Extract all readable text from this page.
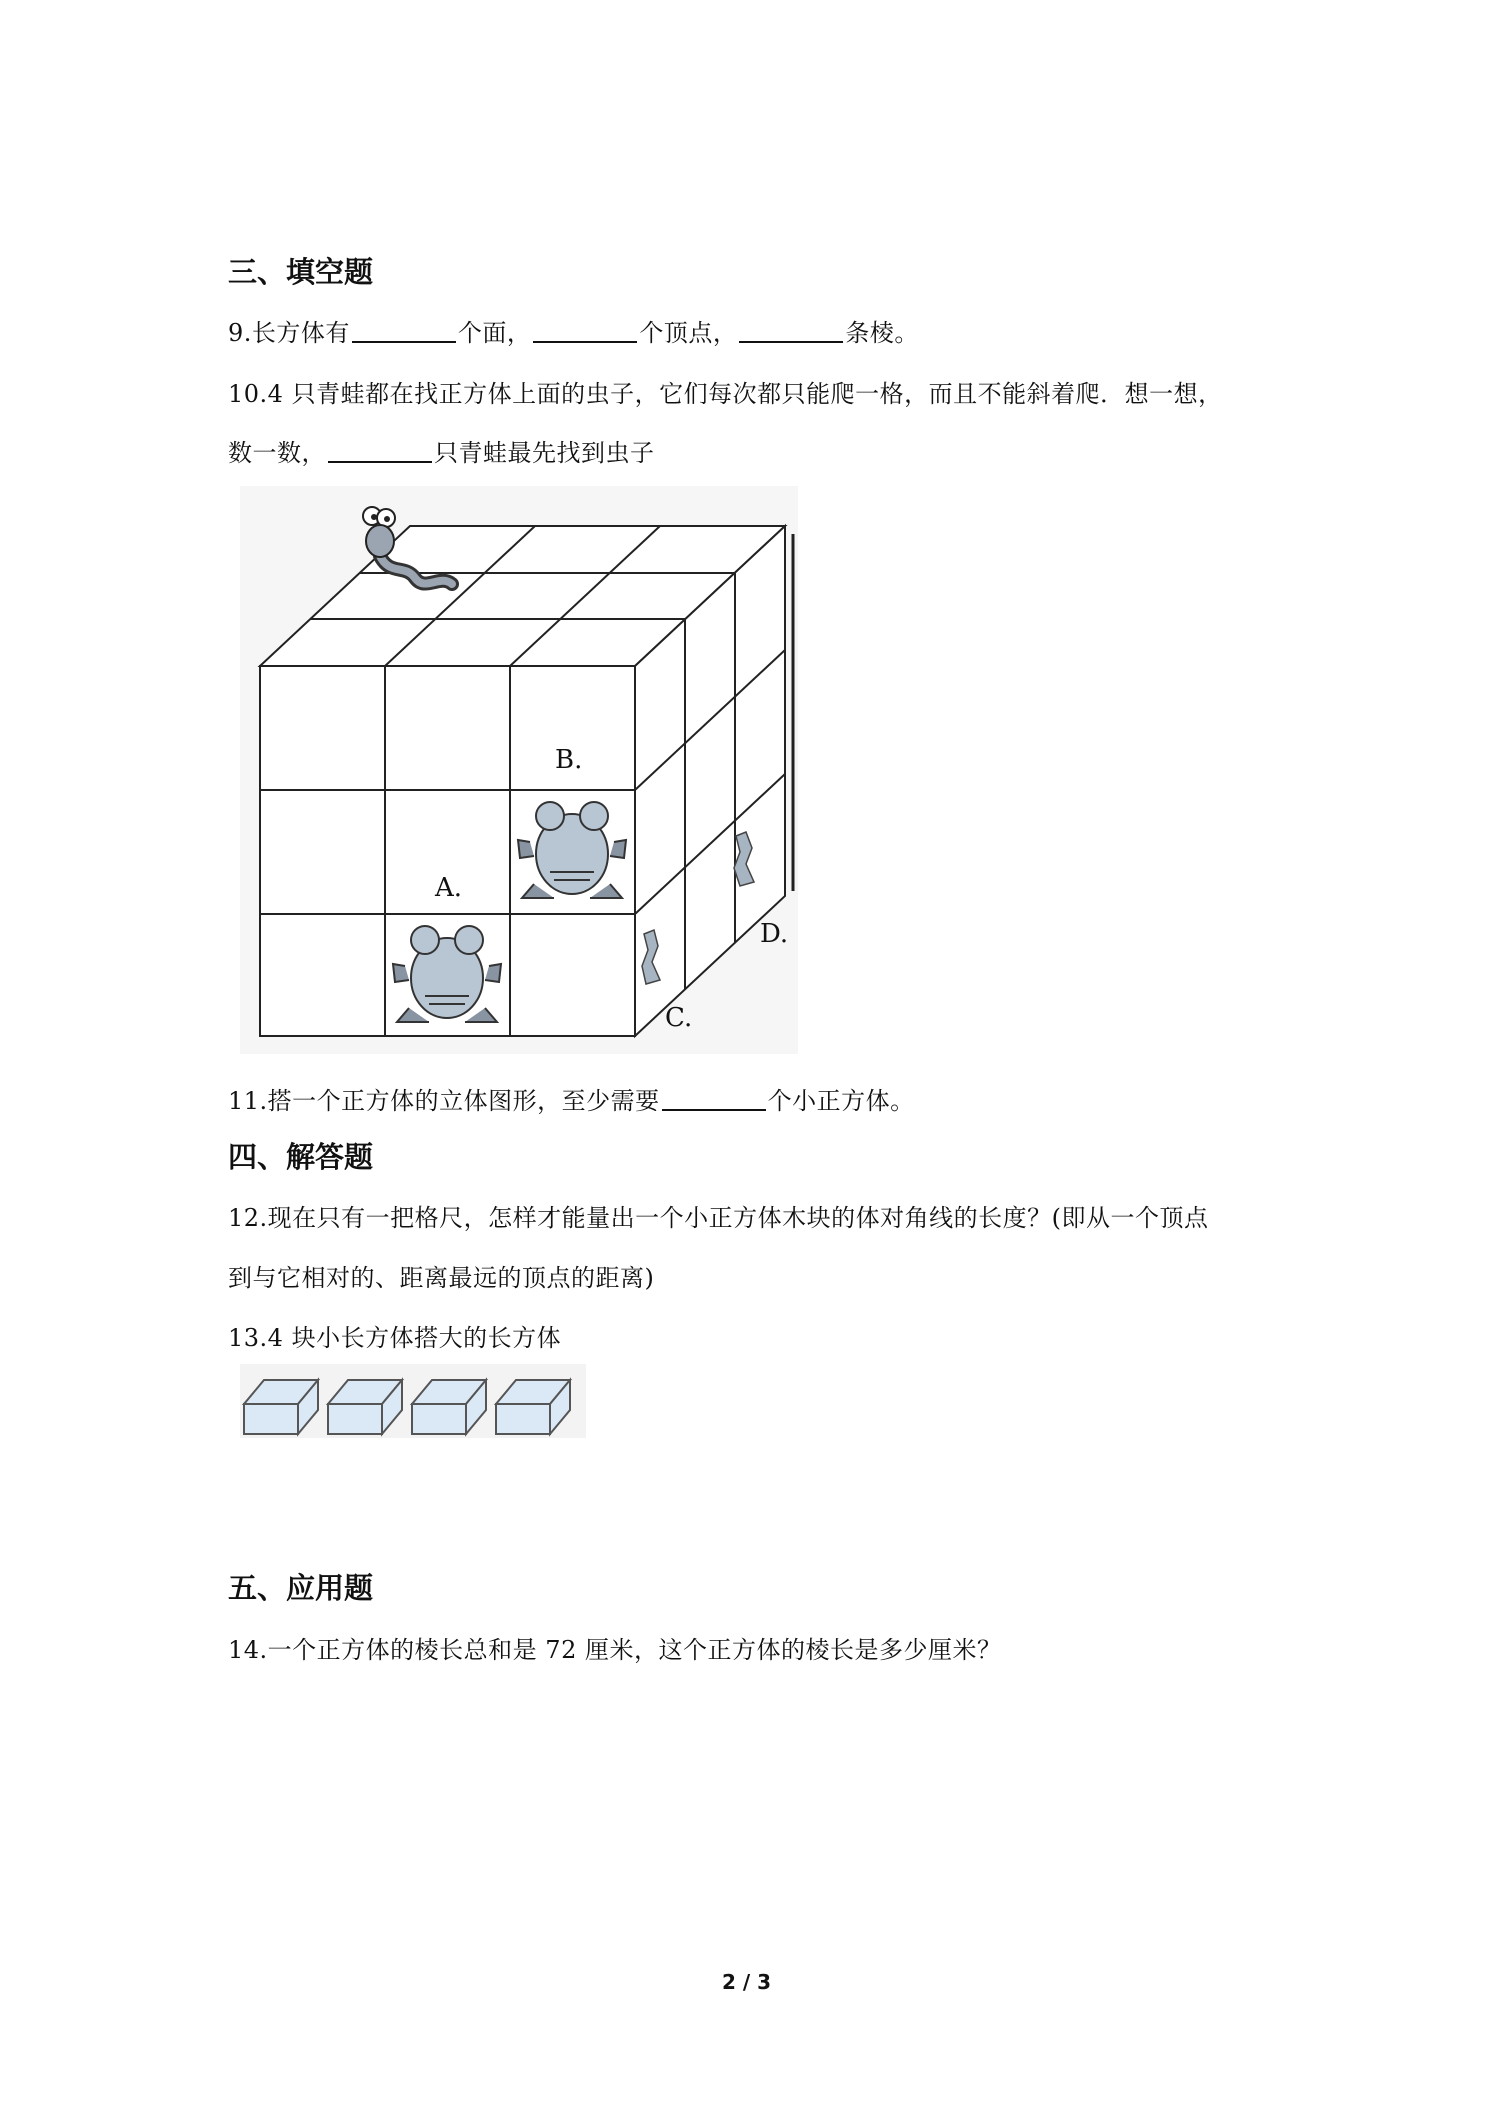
三、填空题
9.长方体有	个面，	个顶点，	条棱。
10.4 只青蛙都在找正方体上面的虫子，它们每次都只能爬一格，而且不能斜着爬．想一想，
数一数，	只青蛙最先找到虫子
A.
B.
C.
D.
11.搭一个正方体的立体图形，至少需要	个小正方体。
四、解答题
12.现在只有一把格尺，怎样才能量出一个小正方体木块的体对角线的长度？(即从一个顶点
到与它相对的、距离最远的顶点的距离)
13.4 块小长方体搭大的长方体
五、应用题
14.一个正方体的棱长总和是 72 厘米，这个正方体的棱长是多少厘米？
2 / 3
